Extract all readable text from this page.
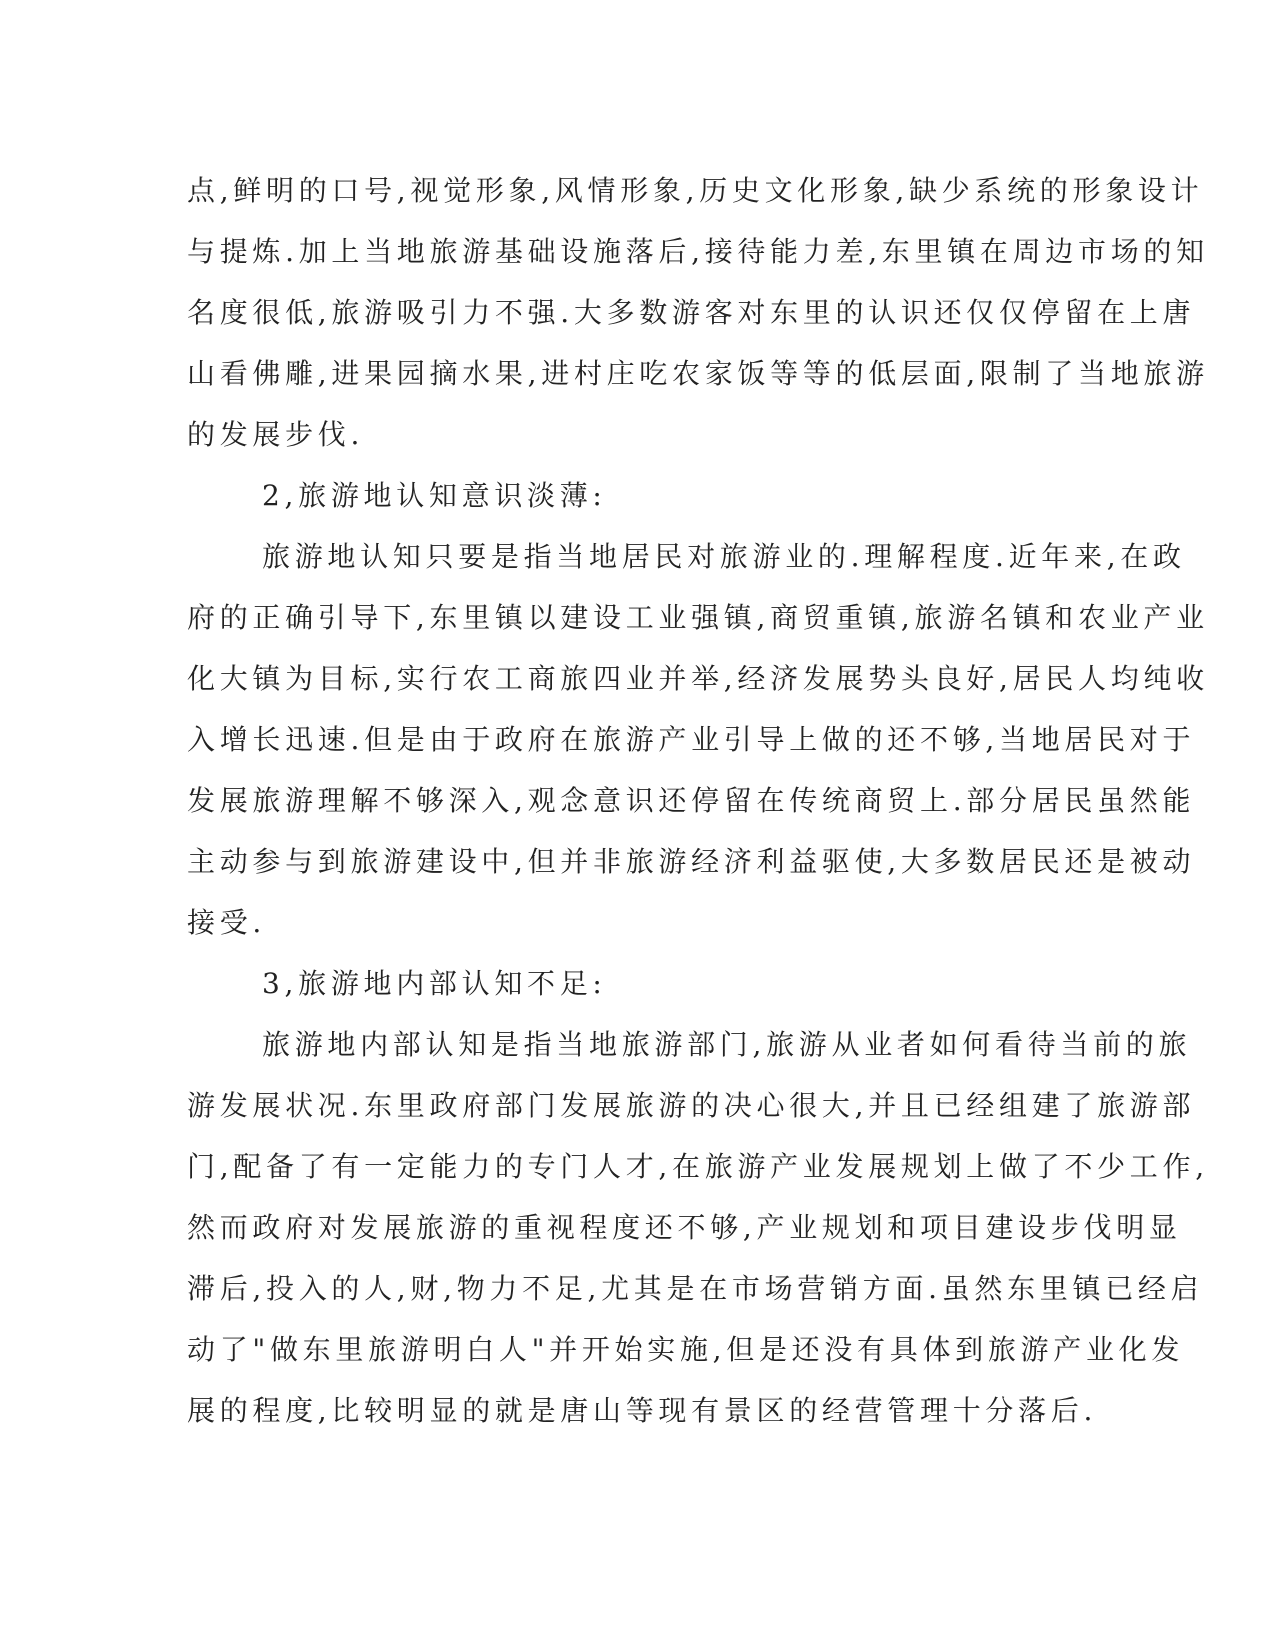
点,鲜明的口号,视觉形象,风情形象,历史文化形象,缺少系统的形象设计
与提炼.加上当地旅游基础设施落后,接待能力差,东里镇在周边市场的知
名度很低,旅游吸引力不强.大多数游客对东里的认识还仅仅停留在上唐
山看佛雕,进果园摘水果,进村庄吃农家饭等等的低层面,限制了当地旅游
的发展步伐.
2,旅游地认知意识淡薄:
旅游地认知只要是指当地居民对旅游业的.理解程度.近年来,在政
府的正确引导下,东里镇以建设工业强镇,商贸重镇,旅游名镇和农业产业
化大镇为目标,实行农工商旅四业并举,经济发展势头良好,居民人均纯收
入增长迅速.但是由于政府在旅游产业引导上做的还不够,当地居民对于
发展旅游理解不够深入,观念意识还停留在传统商贸上.部分居民虽然能
主动参与到旅游建设中,但并非旅游经济利益驱使,大多数居民还是被动
接受.
3,旅游地内部认知不足:
旅游地内部认知是指当地旅游部门,旅游从业者如何看待当前的旅
游发展状况.东里政府部门发展旅游的决心很大,并且已经组建了旅游部
门,配备了有一定能力的专门人才,在旅游产业发展规划上做了不少工作,
然而政府对发展旅游的重视程度还不够,产业规划和项目建设步伐明显
滞后,投入的人,财,物力不足,尤其是在市场营销方面.虽然东里镇已经启
动了"做东里旅游明白人"并开始实施,但是还没有具体到旅游产业化发
展的程度,比较明显的就是唐山等现有景区的经营管理十分落后.
